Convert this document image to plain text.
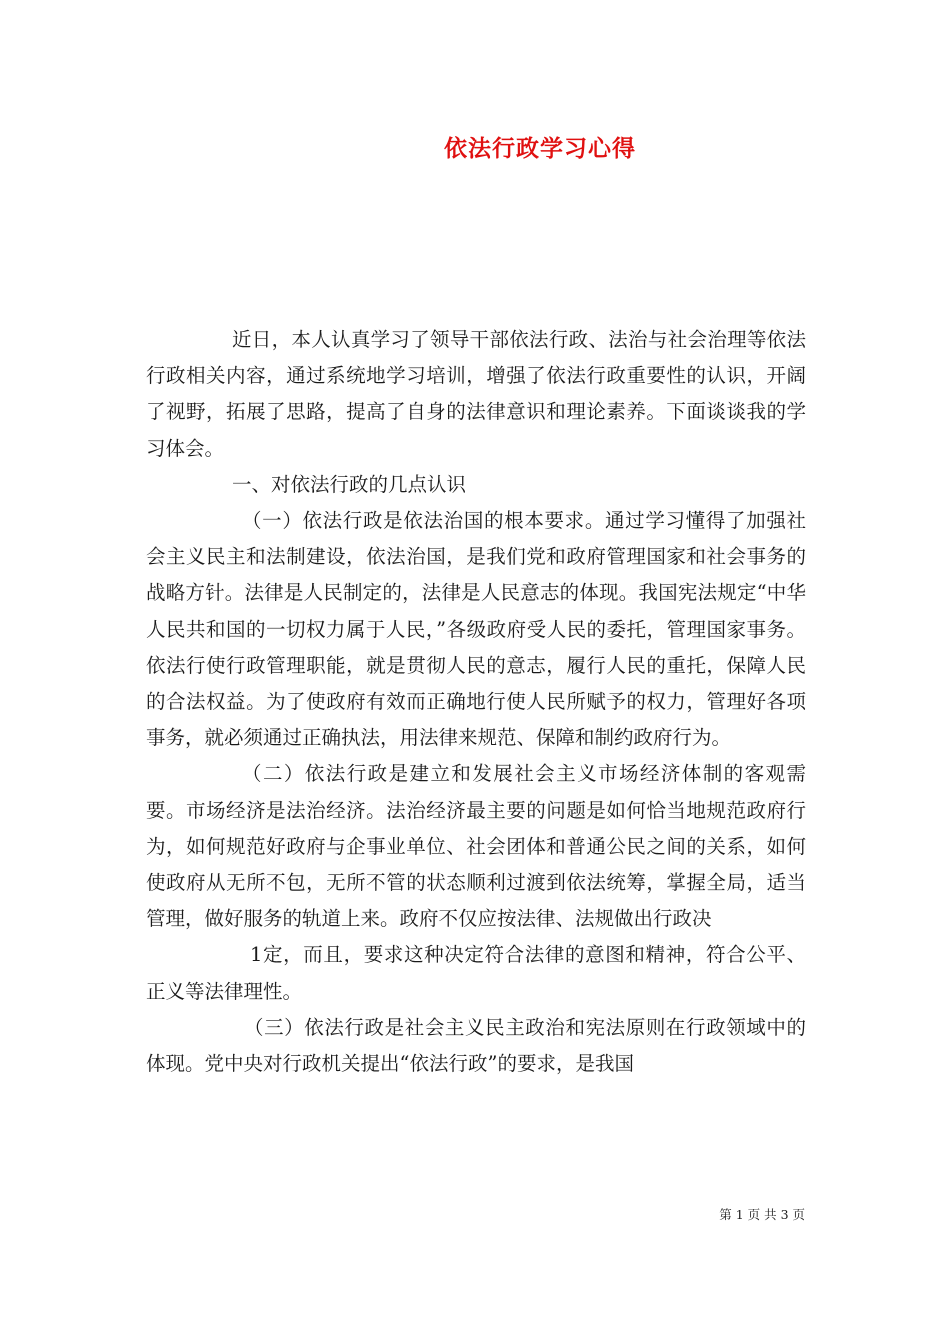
依法行政学习心得

近日，本人认真学习了领导干部依法行政、法治与社会治理等依法行政相关内容，通过系统地学习培训，增强了依法行政重要性的认识，开阔了视野，拓展了思路，提高了自身的法律意识和理论素养。下面谈谈我的学习体会。

一、对依法行政的几点认识

（一）依法行政是依法治国的根本要求。通过学习懂得了加强社会主义民主和法制建设，依法治国，是我们党和政府管理国家和社会事务的战略方针。法律是人民制定的，法律是人民意志的体现。我国宪法规定“中华人民共和国的一切权力属于人民，”各级政府受人民的委托，管理国家事务。依法行使行政管理职能，就是贯彻人民的意志，履行人民的重托，保障人民的合法权益。为了使政府有效而正确地行使人民所赋予的权力，管理好各项事务，就必须通过正确执法，用法律来规范、保障和制约政府行为。

（二）依法行政是建立和发展社会主义市场经济体制的客观需要。市场经济是法治经济。法治经济最主要的问题是如何恰当地规范政府行为，如何规范好政府与企事业单位、社会团体和普通公民之间的关系，如何使政府从无所不包，无所不管的状态顺利过渡到依法统筹，掌握全局，适当管理，做好服务的轨道上来。政府不仅应按法律、法规做出行政决

1定，而且，要求这种决定符合法律的意图和精神，符合公平、正义等法律理性。

（三）依法行政是社会主义民主政治和宪法原则在行政领域中的体现。党中央对行政机关提出“依法行政”的要求，是我国

第 1 页 共 3 页
